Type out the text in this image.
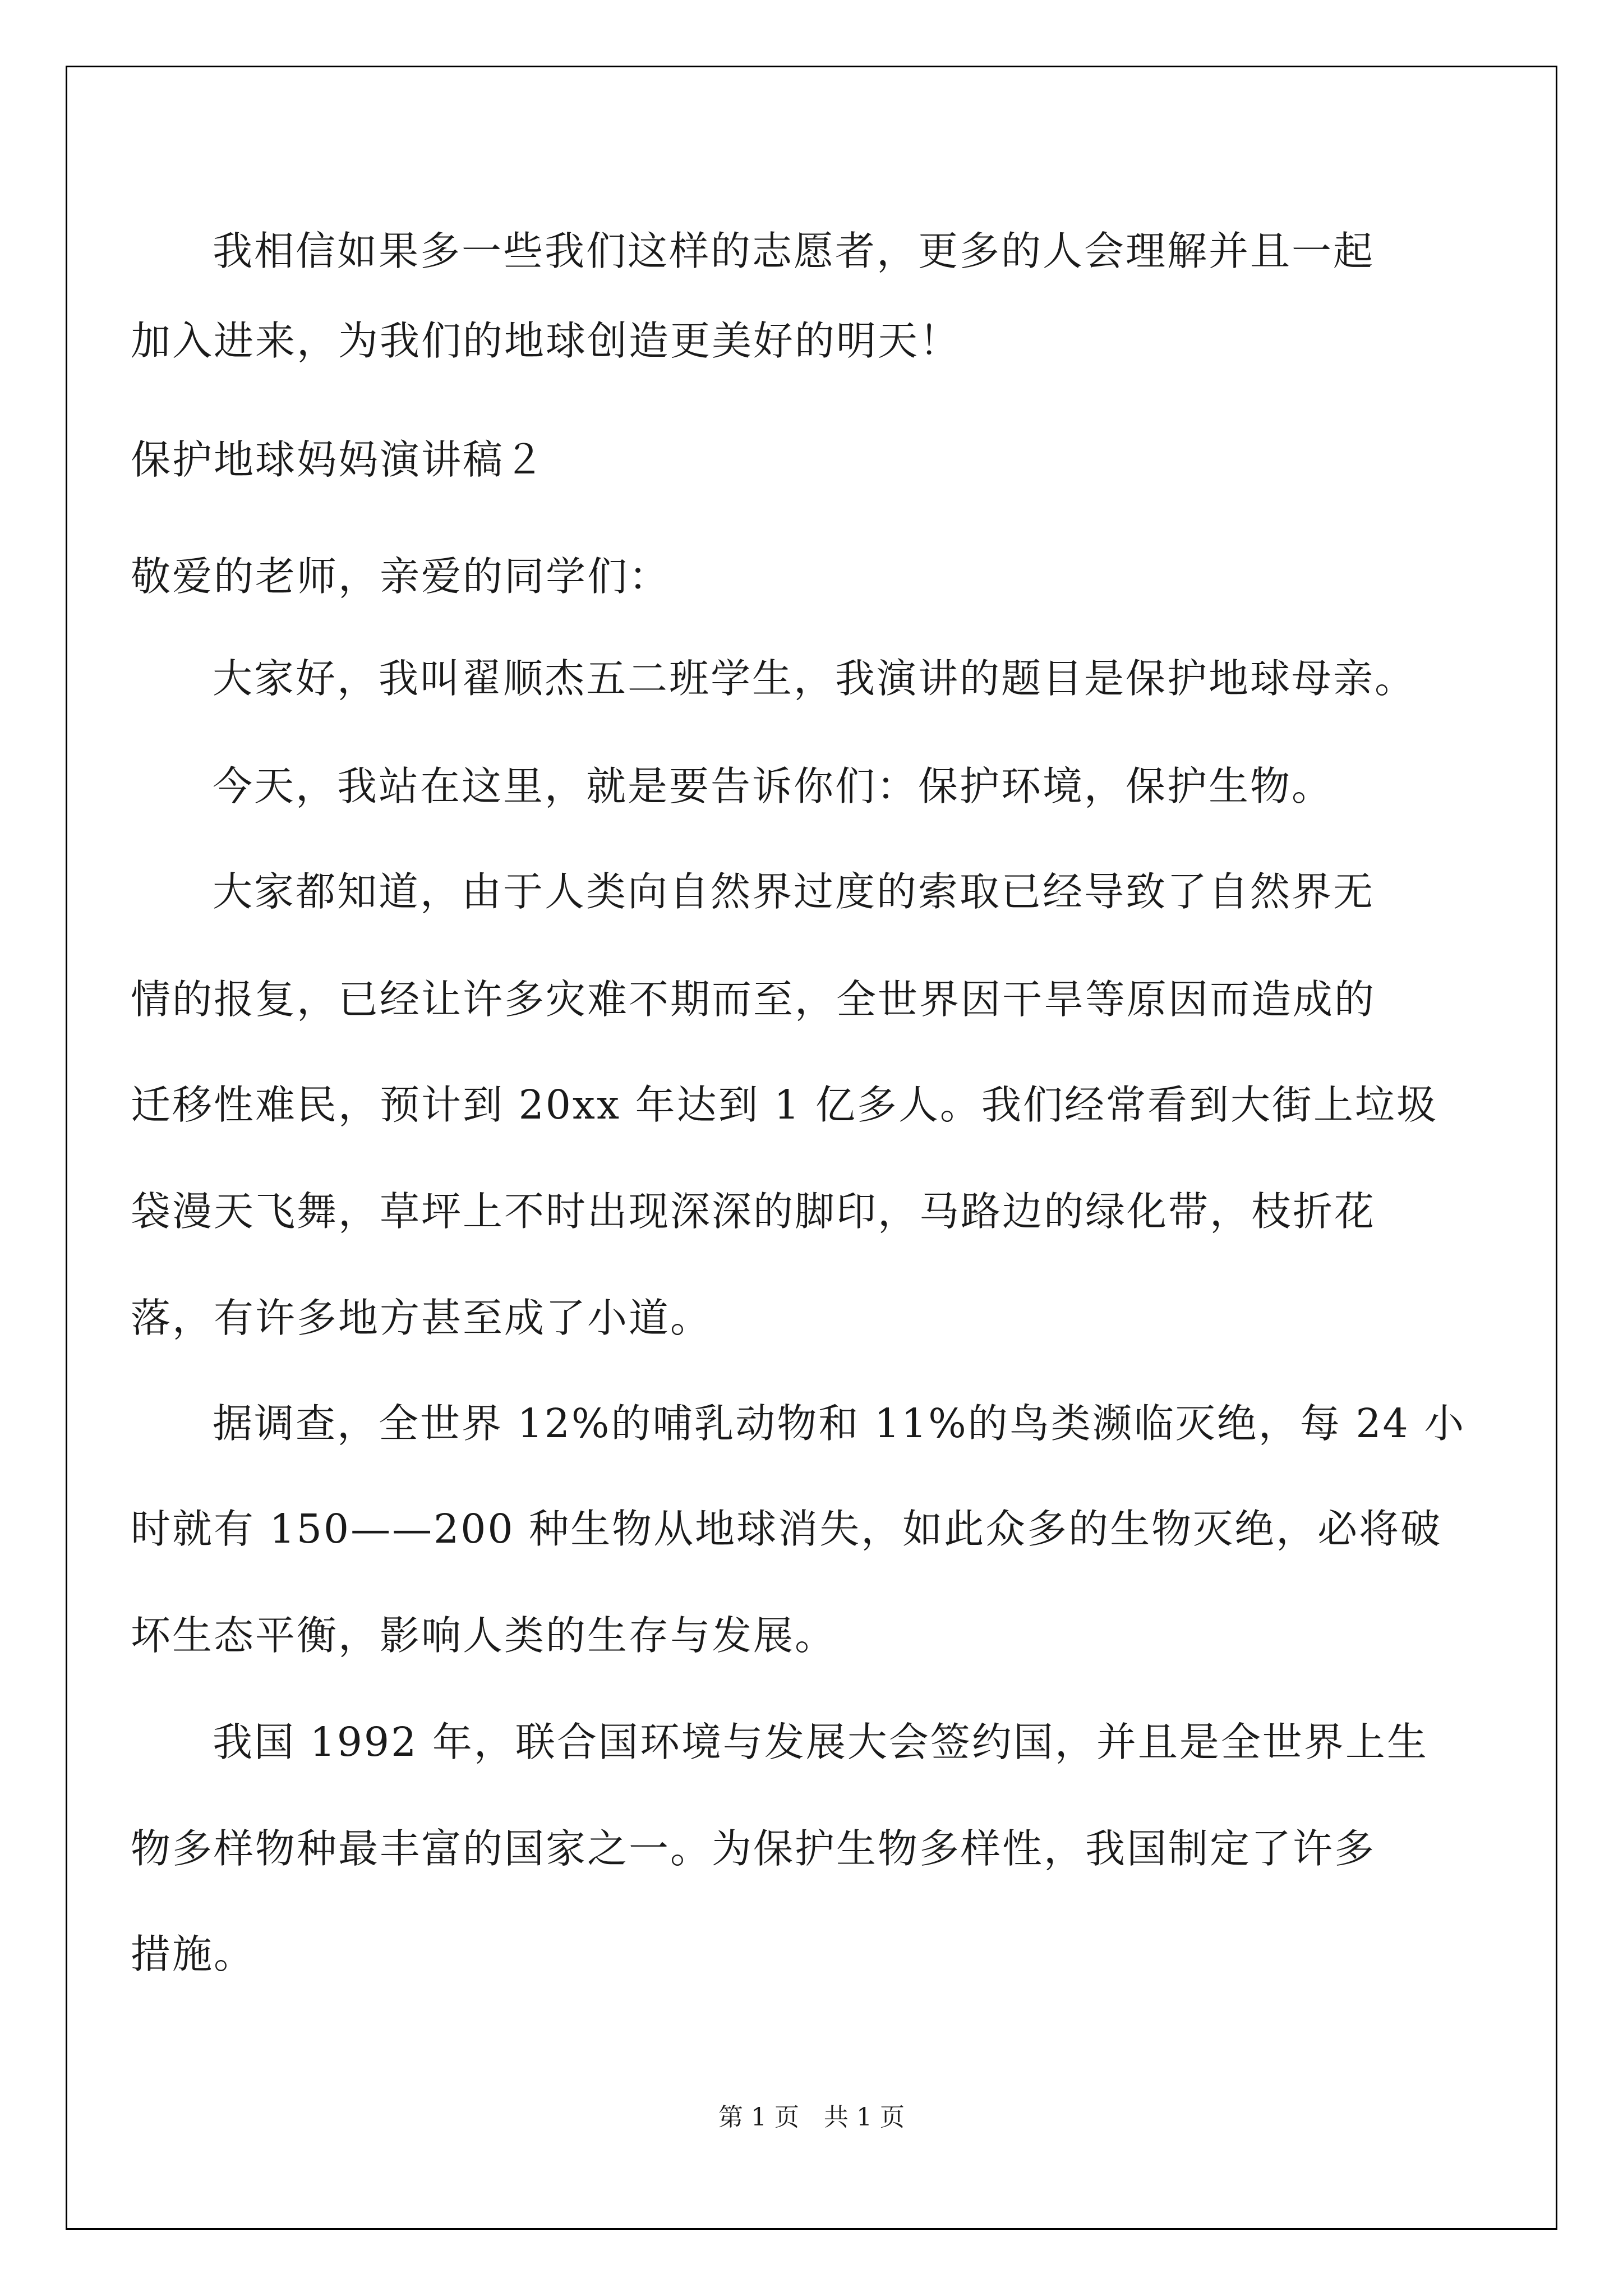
我相信如果多一些我们这样的志愿者，更多的人会理解并且一起
加入进来，为我们的地球创造更美好的明天！
保护地球妈妈演讲稿２
敬爱的老师，亲爱的同学们：
大家好，我叫翟顺杰五二班学生，我演讲的题目是保护地球母亲。
今天，我站在这里，就是要告诉你们：保护环境，保护生物。
大家都知道，由于人类向自然界过度的索取已经导致了自然界无
情的报复，已经让许多灾难不期而至，全世界因干旱等原因而造成的
迁移性难民，预计到 20xx 年达到 1 亿多人。我们经常看到大街上垃圾
袋漫天飞舞，草坪上不时出现深深的脚印，马路边的绿化带，枝折花
落，有许多地方甚至成了小道。
据调查，全世界 12%的哺乳动物和 11%的鸟类濒临灭绝，每 24 小
时就有 150——200 种生物从地球消失，如此众多的生物灭绝，必将破
坏生态平衡，影响人类的生存与发展。
我国 1992 年，联合国环境与发展大会签约国，并且是全世界上生
物多样物种最丰富的国家之一。为保护生物多样性，我国制定了许多
措施。
第 1 页　共 1 页
